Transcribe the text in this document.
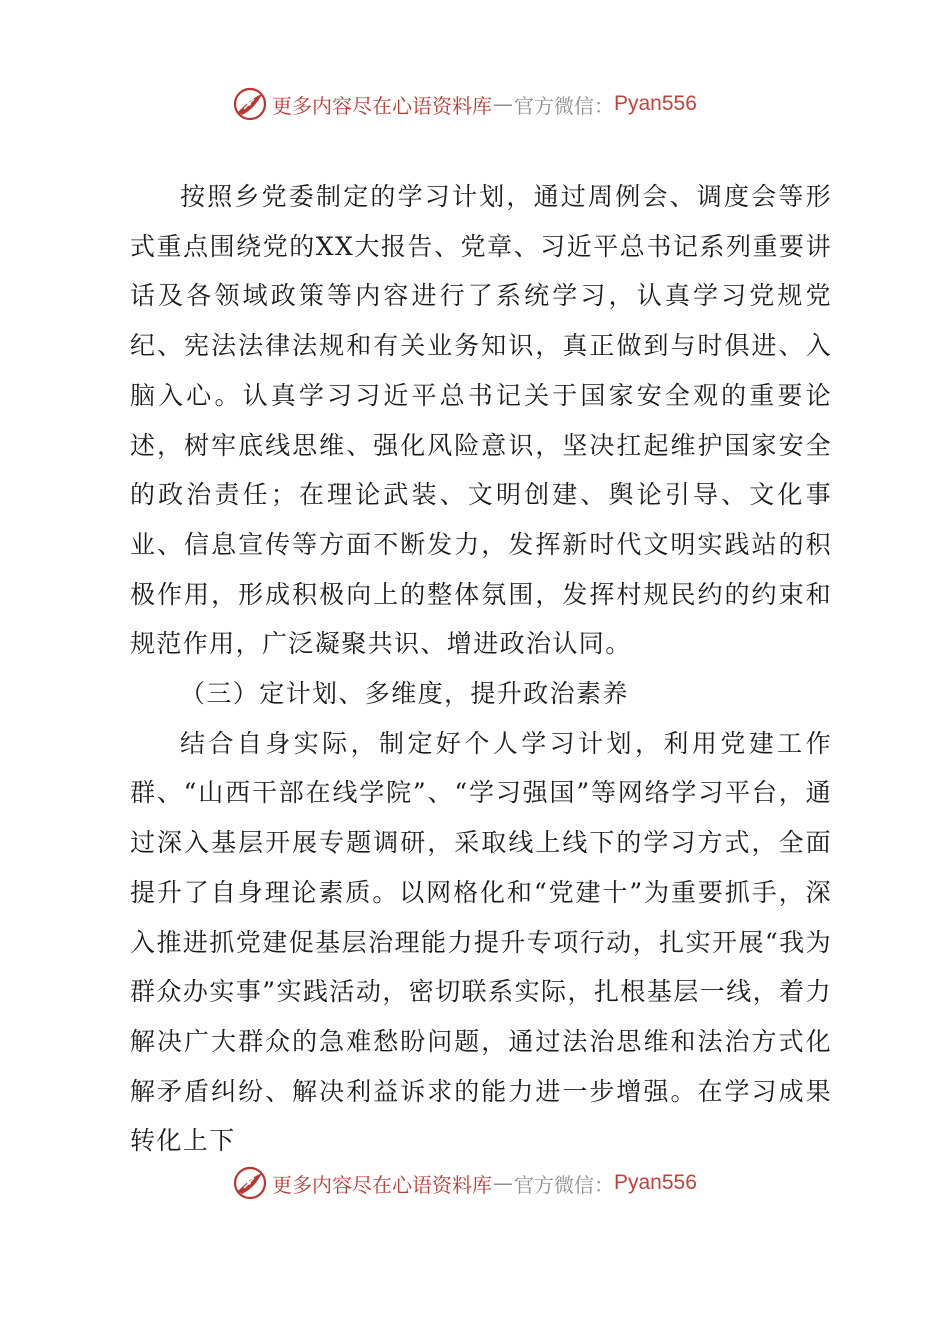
更多内容尽在心语资料库 — 官方微信： Pyan556

按照乡党委制定的学习计划，通过周例会、调度会等形式重点围绕党的XX大报告、党章、习近平总书记系列重要讲话及各领域政策等内容进行了系统学习，认真学习党规党纪、宪法法律法规和有关业务知识，真正做到与时俱进、入脑入心。认真学习习近平总书记关于国家安全观的重要论述，树牢底线思维、强化风险意识，坚决扛起维护国家安全的政治责任；在理论武装、文明创建、舆论引导、文化事业、信息宣传等方面不断发力，发挥新时代文明实践站的积极作用，形成积极向上的整体氛围，发挥村规民约的约束和规范作用，广泛凝聚共识、增进政治认同。

（三）定计划、多维度，提升政治素养

结合自身实际，制定好个人学习计划，利用党建工作群、“山西干部在线学院”、“学习强国”等网络学习平台，通过深入基层开展专题调研，采取线上线下的学习方式，全面提升了自身理论素质。以网格化和“党建十”为重要抓手，深入推进抓党建促基层治理能力提升专项行动，扎实开展“我为群众办实事”实践活动，密切联系实际，扎根基层一线，着力解决广大群众的急难愁盼问题，通过法治思维和法治方式化解矛盾纠纷、解决利益诉求的能力进一步增强。在学习成果转化上下

更多内容尽在心语资料库 — 官方微信： Pyan556
